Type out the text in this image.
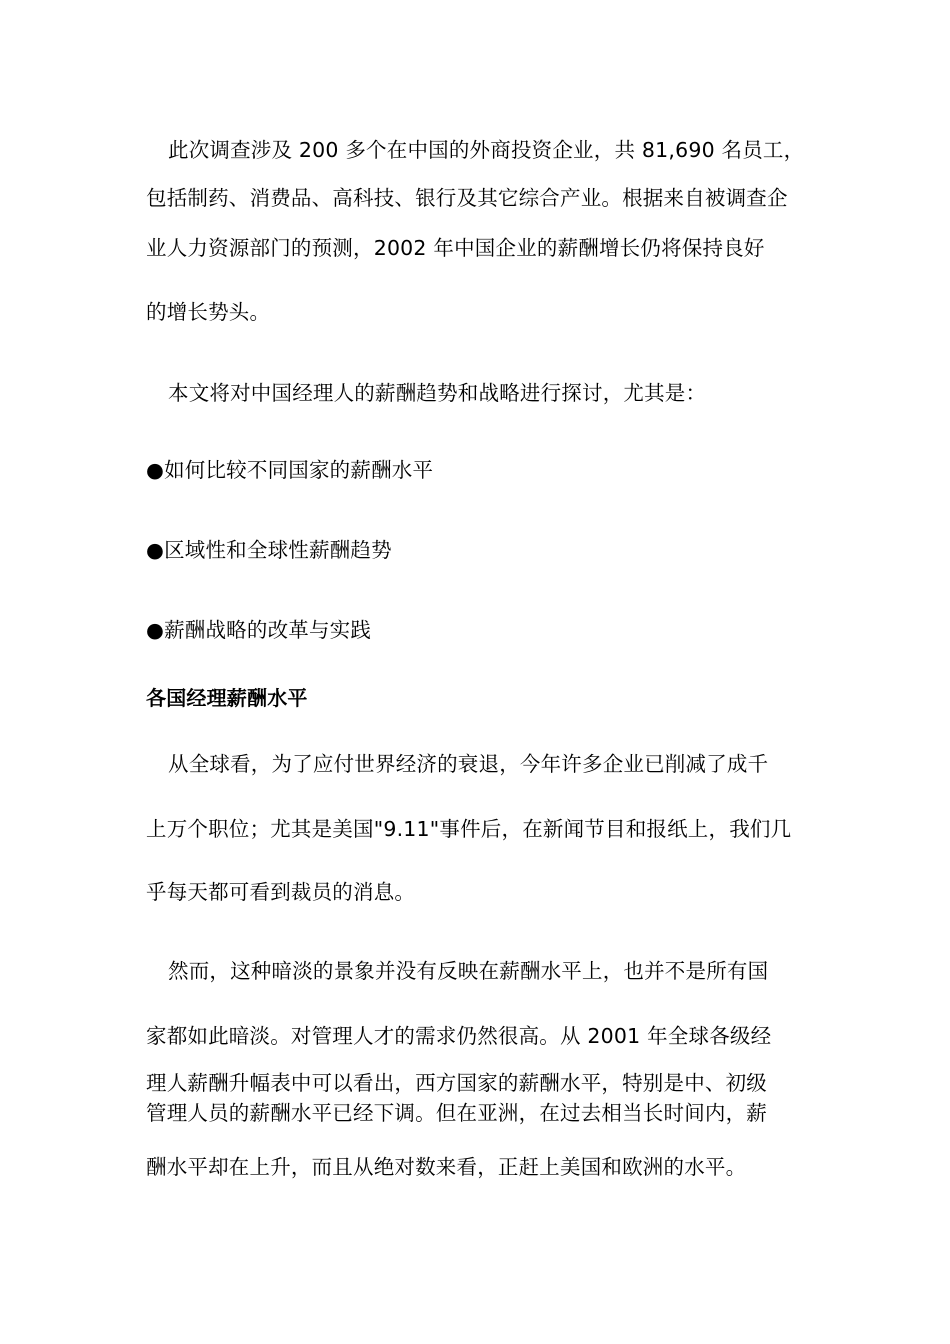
此次调查涉及 200 多个在中国的外商投资企业，共 81,690 名员工，
包括制药、消费品、高科技、银行及其它综合产业。根据来自被调查企
业人力资源部门的预测，2002 年中国企业的薪酬增长仍将保持良好
的增长势头。
本文将对中国经理人的薪酬趋势和战略进行探讨，尤其是：
●如何比较不同国家的薪酬水平
●区域性和全球性薪酬趋势
●薪酬战略的改革与实践
各国经理薪酬水平
从全球看，为了应付世界经济的衰退，今年许多企业已削减了成千
上万个职位；尤其是美国"9.11"事件后，在新闻节目和报纸上，我们几
乎每天都可看到裁员的消息。
然而，这种暗淡的景象并没有反映在薪酬水平上，也并不是所有国
家都如此暗淡。对管理人才的需求仍然很高。从 2001 年全球各级经
理人薪酬升幅表中可以看出，西方国家的薪酬水平，特别是中、初级
管理人员的薪酬水平已经下调。但在亚洲，在过去相当长时间内，薪
酬水平却在上升，而且从绝对数来看，正赶上美国和欧洲的水平。
